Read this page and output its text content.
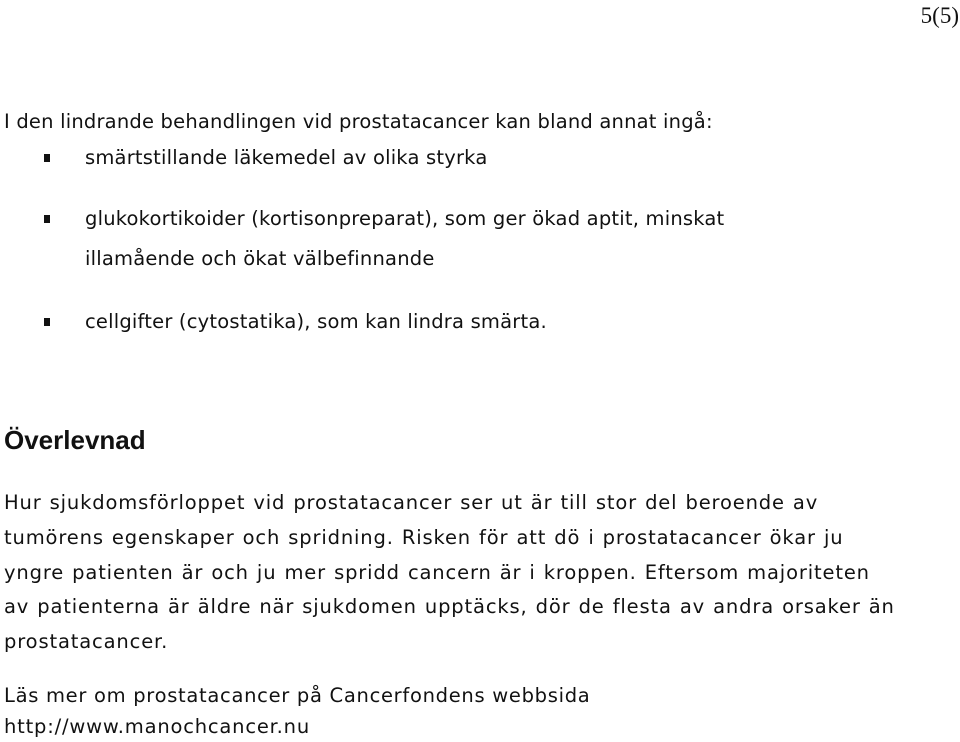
5(5)

I den lindrande behandlingen vid prostatacancer kan bland annat ingå:

smärtstillande läkemedel av olika styrka
glukokortikoider (kortisonpreparat), som ger ökad aptit, minskat
illamående och ökat välbefinnande
cellgifter (cytostatika), som kan lindra smärta.
Överlevnad

Hur sjukdomsförloppet vid prostatacancer ser ut är till stor del beroende av
tumörens egenskaper och spridning. Risken för att dö i prostatacancer ökar ju
yngre patienten är och ju mer spridd cancern är i kroppen. Eftersom majoriteten
av patienterna är äldre när sjukdomen upptäcks, dör de flesta av andra orsaker än
prostatacancer.

Läs mer om prostatacancer på Cancerfondens webbsida

http://www.manochcancer.nu
